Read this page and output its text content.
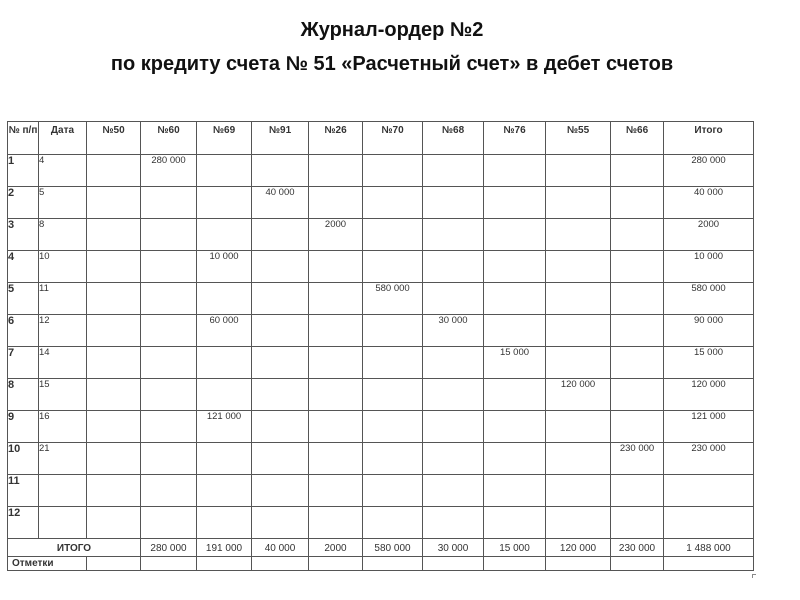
Журнал-ордер №2
по кредиту счета № 51 «Расчетный счет» в дебет счетов
№ п/п	Дата	№50	№60	№69	№91	№26	№70	№68	№76	№55	№66	Итого
1	4		280 000									280 000
2	5				40 000							40 000
3	8					2000						2000
4	10			10 000								10 000
5	11						580 000					580 000
6	12			60 000				30 000				90 000
7	14								15 000			15 000
8	15									120 000		120 000
9	16			121 000								121 000
10	21										230 000	230 000
11												
12												
ИТОГО			280 000	191 000	40 000	2000	580 000	30 000	15 000	120 000	230 000	1 488 000
Отметки												
